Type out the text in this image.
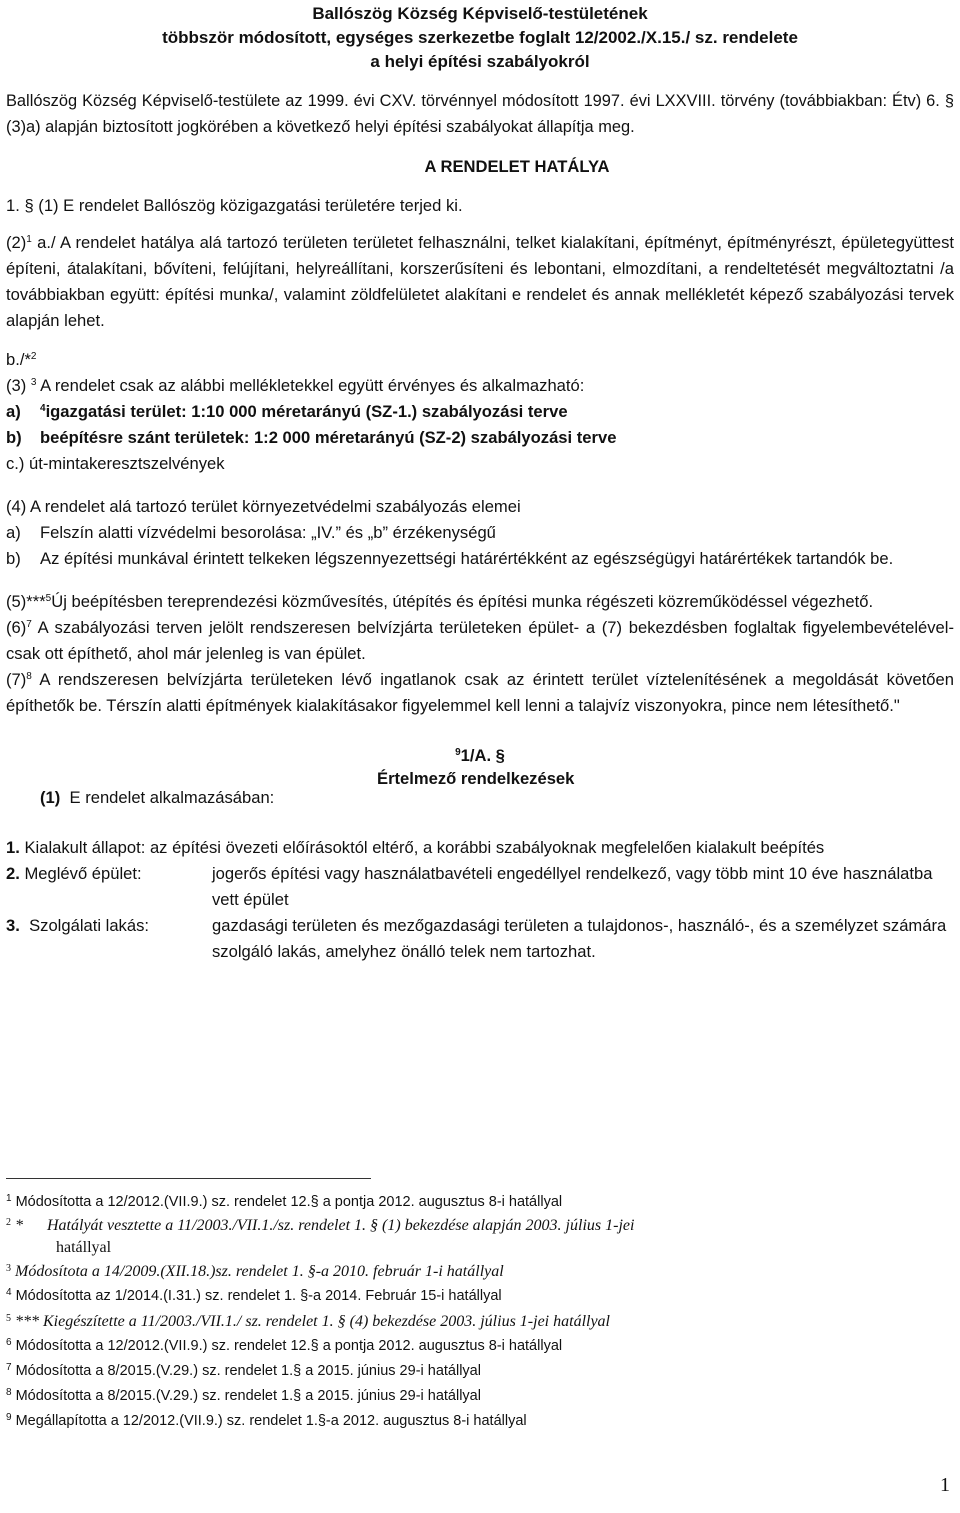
Ballószög Község Képviselő-testületének
többször módosított, egységes szerkezetbe foglalt 12/2002./X.15./ sz. rendelete
a helyi építési szabályokról

Ballószög Község Képviselő-testülete az 1999. évi CXV. törvénnyel módosított 1997. évi LXXVIII. törvény (továbbiakban: Étv) 6. § (3)a) alapján biztosított jogkörében a következő helyi építési szabályokat állapítja meg.

A RENDELET HATÁLYA
1. § (1) E rendelet Ballószög közigazgatási területére terjed ki.

$(2)^1$ a./ A rendelet hatálya alá tartozó területen területet felhasználni, telket kialakítani, építményt, építményrészt, épületegyüttest építeni, átalakítani, bővíteni, felújítani, helyreállítani, korszerűsíteni és lebontani, elmozdítani, a rendeltetését megváltoztatni /a továbbiakban együtt: építési munka/, valamint zöldfelületet alakítani e rendelet és annak mellékletét képező szabályozási tervek alapján lehet.

b./*$^2$
(3) $^3$ A rendelet csak az alábbi mellékletekkel együtt érvényes és alkalmazható:
a)	$^4$igazgatási terület: 1:10 000 méretarányú (SZ-1.) szabályozási terve
b)	beépítésre szánt területek: 1:2 000 méretarányú (SZ-2) szabályozási terve
c.) út-mintakeresztszelvények
(4) A rendelet alá tartozó terület környezetvédelmi szabályozás elemei
a)	Felszín alatti vízvédelmi besorolása: „IV.” és „b” érzékenységű
b)	Az építési munkával érintett telkeken légszennyezettségi határértékként az egészségügyi határértékek tartandók be.

(5)***$^5$Új beépítésben tereprendezési közművesítés, útépítés és építési munka régészeti közreműködéssel végezhető.

$(6)^7$ A szabályozási terven jelölt rendszeresen belvízjárta területeken épület- a (7) bekezdésben foglaltak figyelembevételével- csak ott építhető, ahol már jelenleg is van épület.

$(7)^8$ A rendszeresen belvízjárta területeken lévő ingatlanok csak az érintett terület víztelenítésének a megoldását követően építhetők be. Térszín alatti építmények kialakításakor figyelemmel kell lenni a talajvíz viszonyokra, pince nem létesíthető."

$^9$1/A. §
Értelmező rendelkezések
(1) E rendelet alkalmazásában:
1. Kialakult állapot: az építési övezeti előírásoktól eltérő, a korábbi szabályoknak megfelelően kialakult beépítés
2. Meglévő épület:	jogerős építési vagy használatbavételi engedéllyel rendelkező, vagy több mint 10 éve használatba vett épület
3. Szolgálati lakás:	gazdasági területen és mezőgazdasági területen a tulajdonos-, használó-, és a személyzet számára szolgáló lakás, amelyhez önálló telek nem tartozhat.
$^1$ Módosította a 12/2012.(VII.9.) sz. rendelet 12.§ a pontja 2012. augusztus 8-i hatállyal
$^2$ *      Hatályát vesztette a 11/2003./VII.1./sz. rendelet 1. § (1) bekezdése alapján 2003. július 1-jei
hatállyal
$^3$ Módosítota a 14/2009.(XII.18.)sz. rendelet 1. §-a 2010. február 1-i hatállyal
$^4$ Módosította az 1/2014.(I.31.) sz. rendelet 1. §-a 2014. Február 15-i hatállyal
$^5$ *** Kiegészítette a 11/2003./VII.1./ sz. rendelet 1. § (4) bekezdése 2003. július 1-jei hatállyal
$^6$ Módosította a 12/2012.(VII.9.) sz. rendelet 12.§ a pontja 2012. augusztus 8-i hatállyal
$^7$ Módosította a 8/2015.(V.29.) sz. rendelet 1.§ a 2015. június 29-i hatállyal
$^8$ Módosította a 8/2015.(V.29.) sz. rendelet 1.§ a 2015. június 29-i hatállyal
$^9$ Megállapította a 12/2012.(VII.9.) sz. rendelet 1.§-a 2012. augusztus 8-i hatállyal
1
